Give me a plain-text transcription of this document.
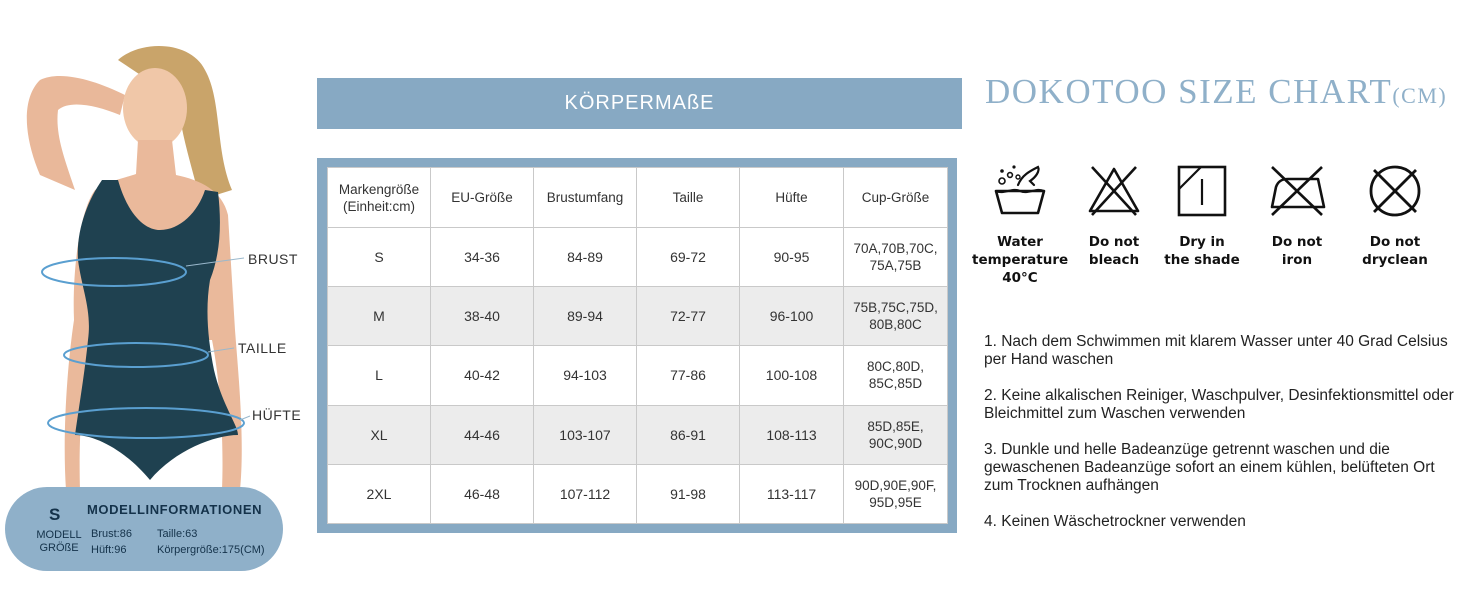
BRUST
TAILLE
HÜFTE
S
MODELL GRÖßE
MODELLINFORMATIONEN
Brust:86 Taille:63
Hüft:96	Körpergröße:175(CM)
KÖRPERMAßE
Markengröße (Einheit:cm)	EU-Größe	Brustumfang	Taille	Hüfte	Cup-Größe
S	34-36	84-89	69-72	90-95	70A,70B,70C, 75A,75B
M	38-40	89-94	72-77	96-100	75B,75C,75D, 80B,80C
L	40-42	94-103	77-86	100-108	80C,80D, 85C,85D
XL	44-46	103-107	86-91	108-113	85D,85E, 90C,90D
2XL	46-48	107-112	91-98	113-117	90D,90E,90F, 95D,95E
DOKOTOO SIZE CHART(CM)
Water
temperature
40°C
Do not
bleach
Dry in
the shade
Do not
iron
Do not
dryclean

1. Nach dem Schwimmen mit klarem Wasser unter 40 Grad Celsius per Hand waschen

2. Keine alkalischen Reiniger, Waschpulver, Desinfektionsmittel oder Bleichmittel zum Waschen verwenden

3. Dunkle und helle Badeanzüge getrennt waschen und die gewaschenen Badeanzüge sofort an einem kühlen, belüfteten Ort zum Trocknen aufhängen

4. Keinen Wäschetrockner verwenden
